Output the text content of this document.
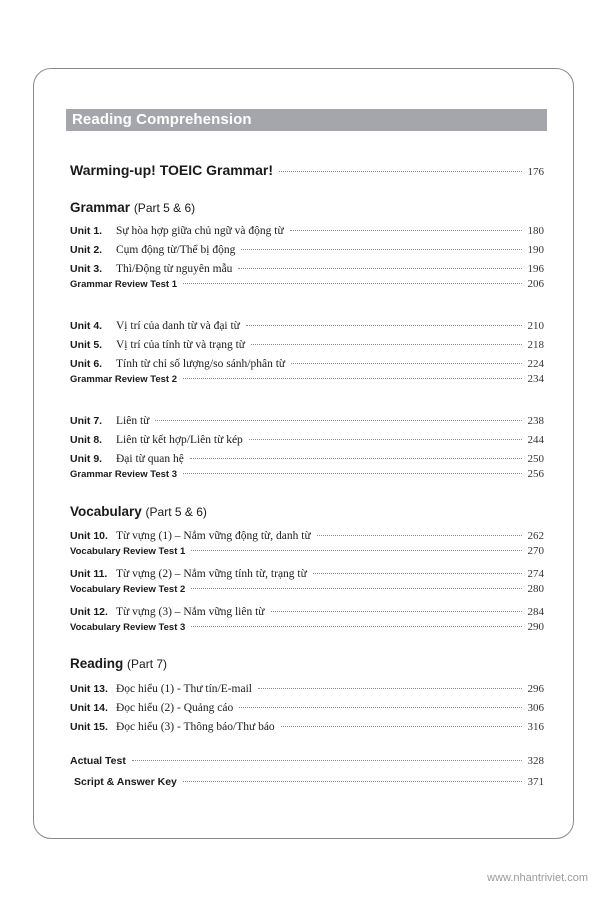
Reading Comprehension
Warming-up! TOEIC Grammar!	176
Grammar (Part 5 & 6)
Unit 1. Sự hòa hợp giữa chủ ngữ và động từ	180
Unit 2. Cụm động từ/Thể bị động	190
Unit 3. Thì/Động từ nguyên mẫu	196
Grammar Review Test 1	206
Unit 4. Vị trí của danh từ và đại từ	210
Unit 5. Vị trí của tính từ và trạng từ	218
Unit 6. Tính từ chỉ số lượng/so sánh/phân từ	224
Grammar Review Test 2	234
Unit 7. Liên từ	238
Unit 8. Liên từ kết hợp/Liên từ kép	244
Unit 9. Đại từ quan hệ	250
Grammar Review Test 3	256
Vocabulary (Part 5 & 6)
Unit 10. Từ vựng (1) – Nắm vững động từ, danh từ	262
Vocabulary Review Test 1	270
Unit 11. Từ vựng (2) – Nắm vững tính từ, trạng từ	274
Vocabulary Review Test 2	280
Unit 12. Từ vựng (3) – Nắm vững liên từ	284
Vocabulary Review Test 3	290
Reading (Part 7)
Unit 13. Đọc hiểu (1) - Thư tín/E-mail	296
Unit 14. Đọc hiểu (2) - Quảng cáo	306
Unit 15. Đọc hiểu (3) - Thông báo/Thư báo	316
Actual Test	328
Script & Answer Key	371
www.nhantriviet.com
